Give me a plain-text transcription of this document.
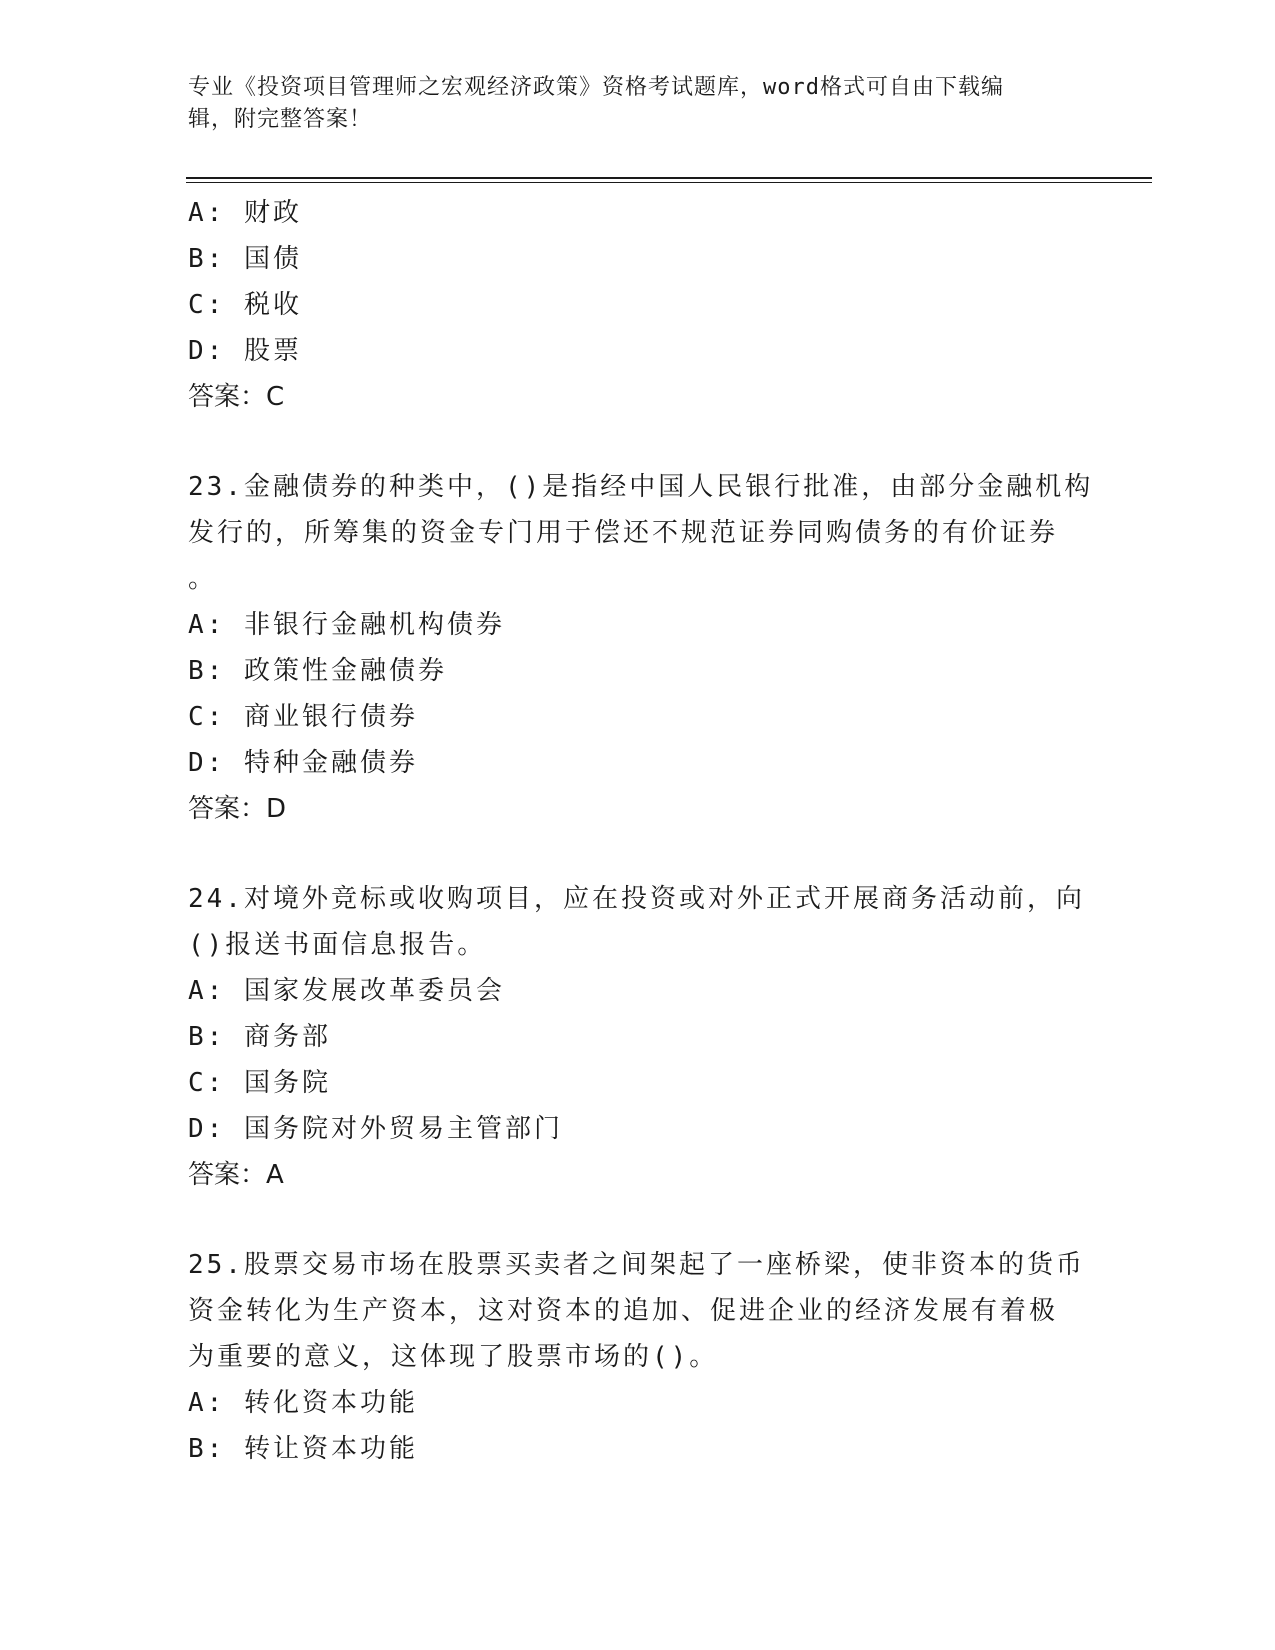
专业《投资项目管理师之宏观经济政策》资格考试题库，word格式可自由下载编
辑，附完整答案！
A: 财政
B: 国债
C: 税收
D: 股票
答案：C
23.金融债券的种类中，()是指经中国人民银行批准，由部分金融机构
发行的，所筹集的资金专门用于偿还不规范证券同购债务的有价证券
。
A: 非银行金融机构债券
B: 政策性金融债券
C: 商业银行债券
D: 特种金融债券
答案：D
24.对境外竞标或收购项目，应在投资或对外正式开展商务活动前，向
()报送书面信息报告。
A: 国家发展改革委员会
B: 商务部
C: 国务院
D: 国务院对外贸易主管部门
答案：A
25.股票交易市场在股票买卖者之间架起了一座桥梁，使非资本的货币
资金转化为生产资本，这对资本的追加、促进企业的经济发展有着极
为重要的意义，这体现了股票市场的()。
A: 转化资本功能
B: 转让资本功能
